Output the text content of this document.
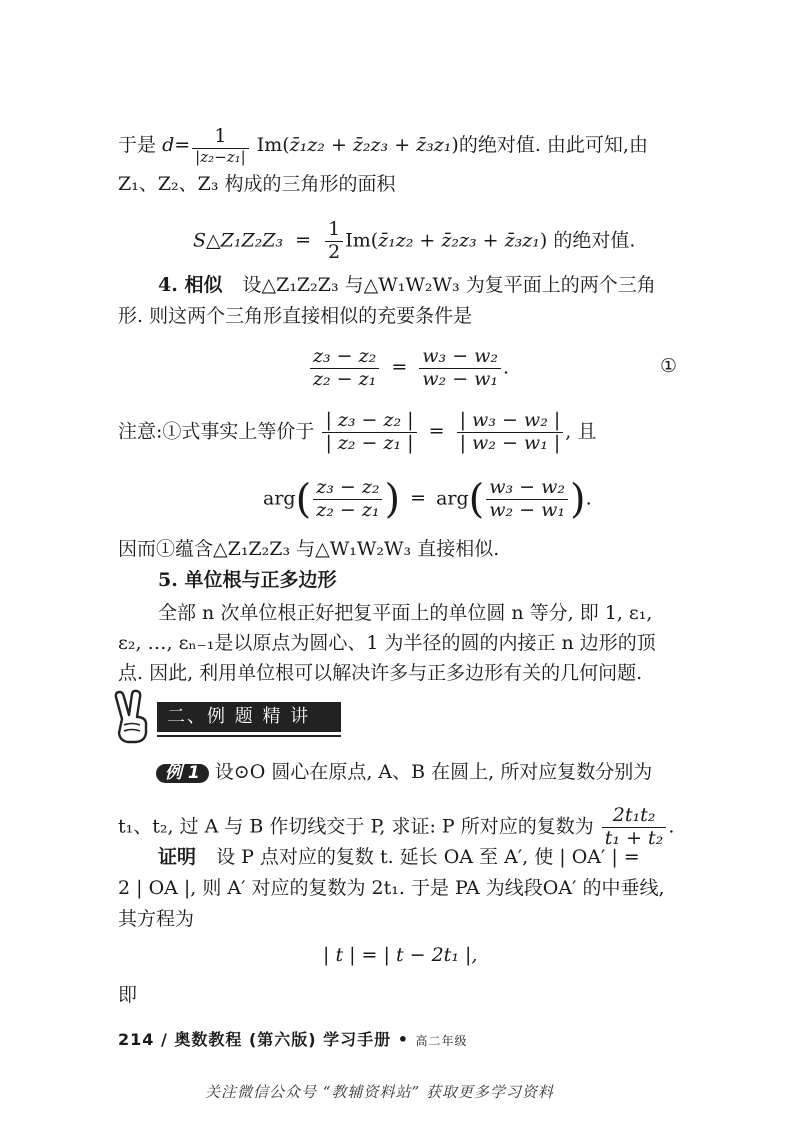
于是 $d= \frac{1}{\text{|z₂−z₁|}}$ Im(z̄₁z₂ + z̄₂z₃ + z̄₃z₁)的绝对值. 由此可知,由
Z₁、Z₂、Z₃ 构成的三角形的面积
S△Z₁Z₂Z₃ = $\frac{1}{2}$ Im(z̄₁z₂ + z̄₂z₃ + z̄₃z₁) 的绝对值.
4. 相似 设△Z₁Z₂Z₃ 与△W₁W₂W₃ 为复平面上的两个三角
形. 则这两个三角形直接相似的充要条件是
$\frac{\text{z₃ − z₂}}{\text{z₂ − z₁}} = \frac{\text{w₃ − w₂}}{\text{w₂ − w₁}}$ .	①
注意:①式事实上等价于 $\frac{\text{| z₃ − z₂ |}}{\text{| z₂ − z₁ |}} = \frac{\text{| w₃ − w₂ |}}{\text{| w₂ − w₁ |}}$ , 且
$arg( \frac{\text{z₃ − z₂}}{\text{z₂ − z₁}}$ ) = $arg( \frac{\text{w₃ − w₂}}{\text{w₂ − w₁}}$ ).
因而①蕴含△Z₁Z₂Z₃ 与△W₁W₂W₃ 直接相似.
5. 单位根与正多边形
全部 n 次单位根正好把复平面上的单位圆 n 等分, 即 1, ε₁,
ε₂, …, εₙ₋₁是以原点为圆心、1 为半径的圆的内接正 n 边形的顶
点. 因此, 利用单位根可以解决许多与正多边形有关的几何问题.
二、例 题 精 讲
例 1 设⊙O 圆心在原点, A、B 在圆上, 所对应复数分别为
t₁、t₂, 过 A 与 B 作切线交于 P, 求证: P 所对应的复数为 $\frac{\text{2t₁t₂}}{\text{t₁ + t₂}}$ .
证明 设 P 点对应的复数 t. 延长 OA 至 A′, 使 | OA′ | =
2 | OA |, 则 A′ 对应的复数为 2t₁. 于是 PA 为线段OA′ 的中垂线,
其方程为
| t | = | t − 2t₁ |,
即
214 / 奥数教程 (第六版) 学习手册 • 高二年级
关注微信公众号 “教辅资料站” 获取更多学习资料
